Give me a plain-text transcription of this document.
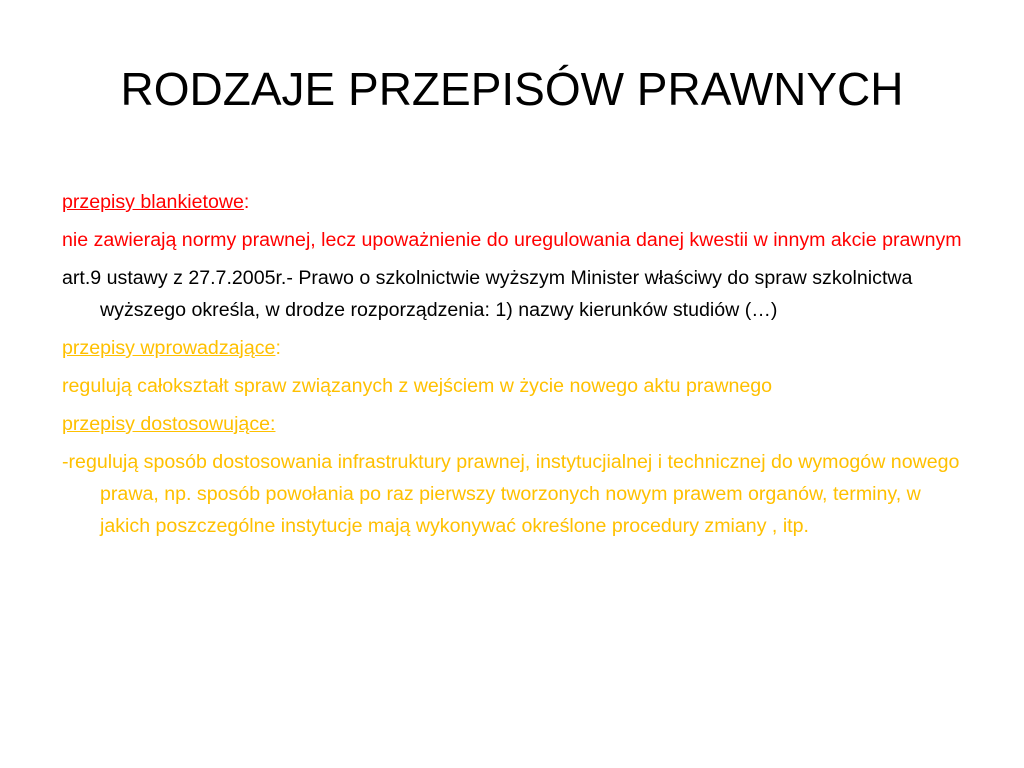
RODZAJE PRZEPISÓW PRAWNYCH

przepisy blankietowe:

nie zawierają normy prawnej, lecz upoważnienie do uregulowania danej kwestii w innym akcie prawnym

art.9 ustawy z 27.7.2005r.- Prawo o szkolnictwie wyższym Minister właściwy do spraw szkolnictwa wyższego określa, w drodze rozporządzenia: 1) nazwy kierunków studiów (…)

przepisy wprowadzające:

regulują całokształt spraw związanych z wejściem w życie nowego aktu prawnego

przepisy dostosowujące:

-regulują sposób dostosowania infrastruktury prawnej, instytucjialnej i technicznej do wymogów nowego prawa, np. sposób powołania po raz pierwszy tworzonych nowym prawem organów, terminy, w jakich poszczególne instytucje mają wykonywać określone procedury zmiany , itp.
